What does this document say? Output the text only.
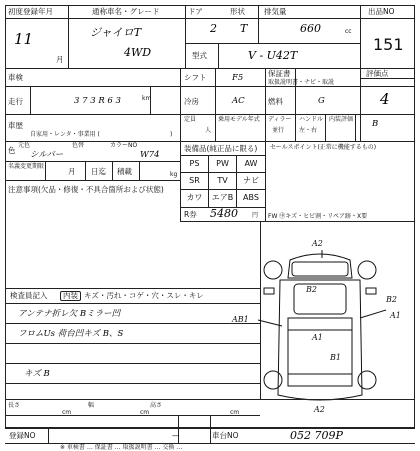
初度登録年月
11
月
通称車名・グレード
ジャイロT
4WD
ドア
2
形状
T
排気量
660	cc
出品NO
151
型式	V - U42T
車検
走行	3 7 3 R 6 3	km
車歴
自家用・レンタ・事業用 (	)
色
元色	色替	カラーNO
シルバー	W74
名義変更期限
月 日迄 積載	kg
注意事項(欠品・修復・不具合箇所および状態)
シフト	F5	保証書
取扱説明書・ナビ・取説
冷房	AC	燃料	G
定員
人
乗用モデル年式 ディラー
並行
ハンドル
左・右
評価点
4
内装評価 B
装備品(純正品に限る) セールスポイント(正常に機能するもの)
PS	PW	AW
SR	TV	ナビ
カワ	エアB	ABS
R券 5480 円 FW ㊥キズ・ヒビ割・リペア跡・X要
検査員記入	内装 キズ・汚れ・コゲ・穴・スレ・キレ
アンテナ折レ欠 Bミラー凹
フロムUs 荷台凹キズ B、S
キズ B
A2
B2
AB1
A1
B2
A1
A2
B1
長さ
cm
幅
cm
高さ
cm
登録NO	—	車台NO	052 709P
※ 車検書 … 保証書 … 取扱説明書 … 交換 …
